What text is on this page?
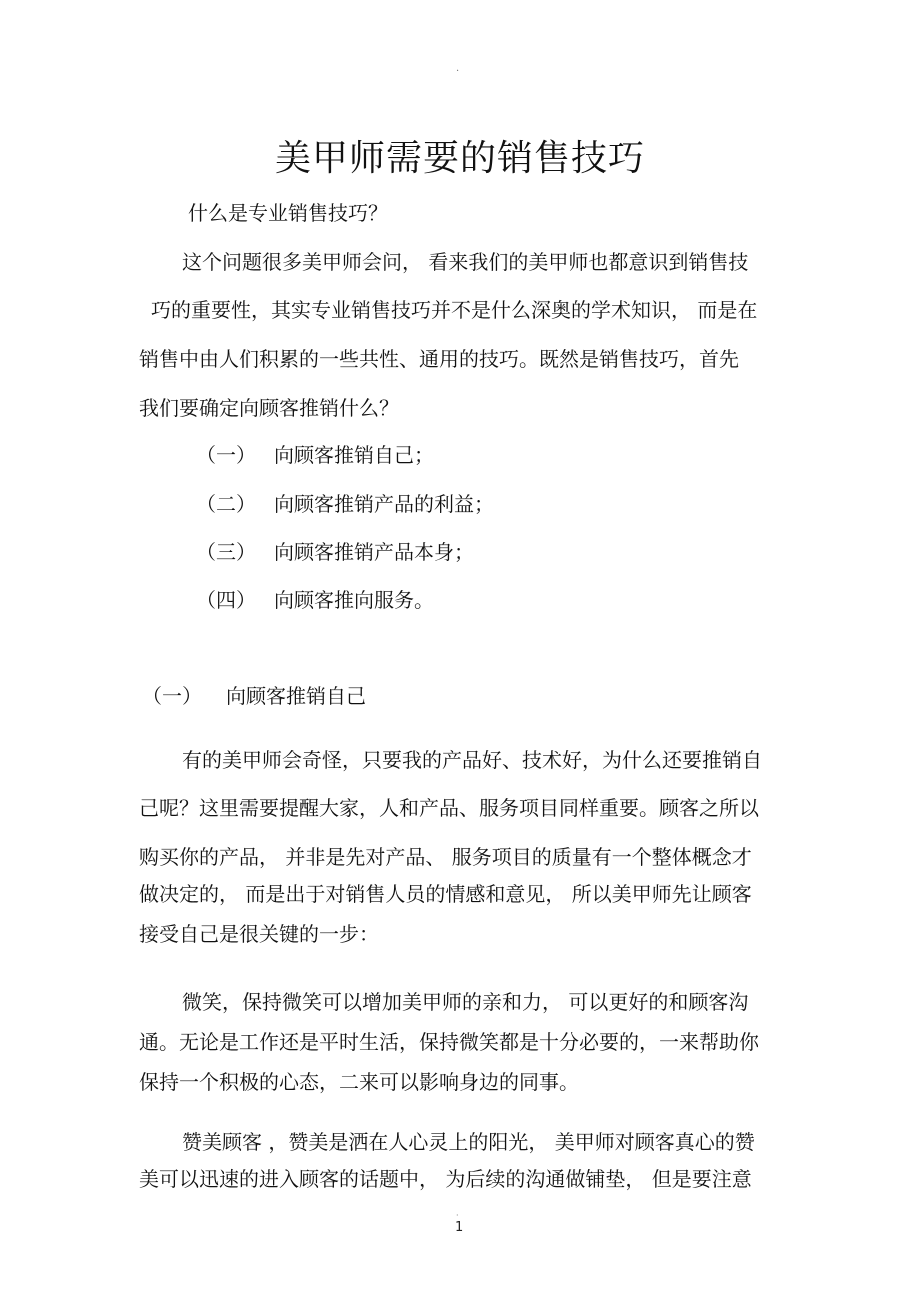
·
美甲师需要的销售技巧
什么是专业销售技巧？
这个问题很多美甲师会问， 看来我们的美甲师也都意识到销售技
巧的重要性，其实专业销售技巧并不是什么深奥的学术知识， 而是在
销售中由人们积累的一些共性、通用的技巧。既然是销售技巧，首先
我们要确定向顾客推销什么？
（一） 向顾客推销自己；
（二） 向顾客推销产品的利益；
（三） 向顾客推销产品本身；
（四） 向顾客推向服务。
（一） 向顾客推销自己
有的美甲师会奇怪，只要我的产品好、技术好，为什么还要推销自
己呢？这里需要提醒大家，人和产品、服务项目同样重要。顾客之所以
购买你的产品， 并非是先对产品、 服务项目的质量有一个整体概念才
做决定的， 而是出于对销售人员的情感和意见， 所以美甲师先让顾客
接受自己是很关键的一步：
微笑，保持微笑可以增加美甲师的亲和力， 可以更好的和顾客沟
通。无论是工作还是平时生活，保持微笑都是十分必要的，一来帮助你
保持一个积极的心态，二来可以影响身边的同事。
赞美顾客 ，赞美是洒在人心灵上的阳光， 美甲师对顾客真心的赞
美可以迅速的进入顾客的话题中， 为后续的沟通做铺垫， 但是要注意
·
1
